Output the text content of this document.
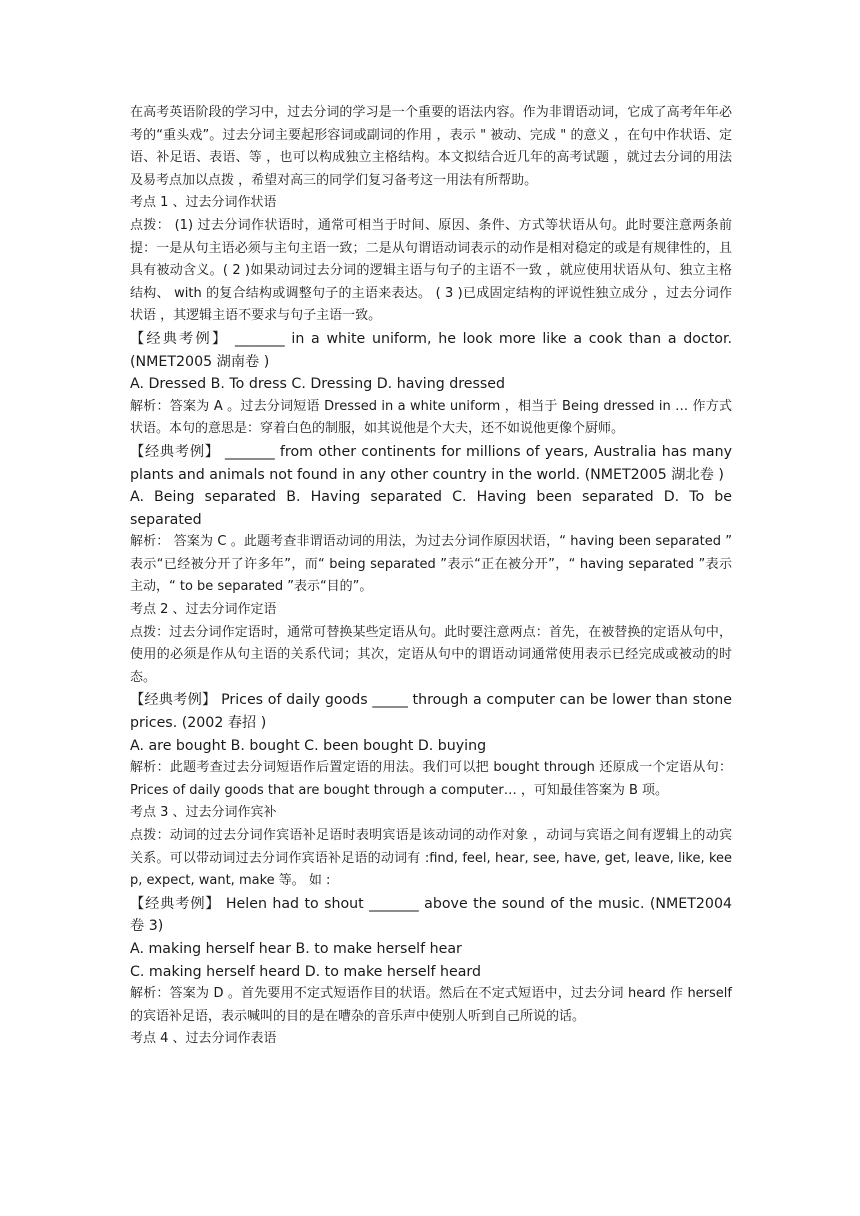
在高考英语阶段的学习中，过去分词的学习是一个重要的语法内容。作为非谓语动词，它成了高考年年必考的“重头戏”。过去分词主要起形容词或副词的作用 ，表示 " 被动、完成 " 的意义 ，在句中作状语、定语、补足语、表语、等 ，也可以构成独立主格结构。本文拟结合近几年的高考试题 ，就过去分词的用法及易考点加以点拨 ，希望对高三的同学们复习备考这一用法有所帮助。

考点 1 、过去分词作状语

点拨： (1) 过去分词作状语时，通常可相当于时间、原因、条件、方式等状语从句。此时要注意两条前提：一是从句主语必须与主句主语一致；二是从句谓语动词表示的动作是相对稳定的或是有规律性的，且具有被动含义。( 2 )如果动词过去分词的逻辑主语与句子的主语不一致 ，就应使用状语从句、独立主格结构、 with 的复合结构或调整句子的主语来表达。 ( 3 )已成固定结构的评说性独立成分 ，过去分词作状语 ，其逻辑主语不要求与句子主语一致。

【经典考例】 _______ in a white uniform, he look more like a cook than a doctor. (NMET2005 湖南卷 )

A. Dressed B. To dress C. Dressing D. having dressed

解析：答案为 A 。过去分词短语 Dressed in a white uniform ，相当于 Being dressed in … 作方式状语。本句的意思是：穿着白色的制服，如其说他是个大夫，还不如说他更像个厨师。

【经典考例】 _______ from other continents for millions of years, Australia has many plants and animals not found in any other country in the world. (NMET2005 湖北卷 )

A. Being separated B. Having separated C. Having been separated D. To be separated

解析： 答案为 C 。此题考查非谓语动词的用法，为过去分词作原因状语，“ having been separated ” 表示“已经被分开了许多年”，而“ being separated ”表示“正在被分开”，“ having separated ”表示主动，“ to be separated ”表示“目的”。

考点 2 、过去分词作定语

点拨：过去分词作定语时，通常可替换某些定语从句。此时要注意两点：首先，在被替换的定语从句中，使用的必须是作从句主语的关系代词；其次，定语从句中的谓语动词通常使用表示已经完成或被动的时态。

【经典考例】 Prices of daily goods _____ through a computer can be lower than stone prices. (2002 春招 )

A. are bought B. bought C. been bought D. buying

解析：此题考查过去分词短语作后置定语的用法。我们可以把 bought through 还原成一个定语从句： Prices of daily goods that are bought through a computer… ，可知最佳答案为 B 项。

考点 3 、过去分词作宾补

点拨：动词的过去分词作宾语补足语时表明宾语是该动词的动作对象 ，动词与宾语之间有逻辑上的动宾关系。可以带动词过去分词作宾语补足语的动词有 :find, feel, hear, see, have, get, leave, like, keep, expect, want, make 等。 如 :

【经典考例】 Helen had to shout _______ above the sound of the music. (NMET2004 卷 3)

A. making herself hear B. to make herself hear

C. making herself heard D. to make herself heard

解析：答案为 D 。首先要用不定式短语作目的状语。然后在不定式短语中，过去分词 heard 作 herself 的宾语补足语，表示喊叫的目的是在嘈杂的音乐声中使别人听到自己所说的话。

考点 4 、过去分词作表语
